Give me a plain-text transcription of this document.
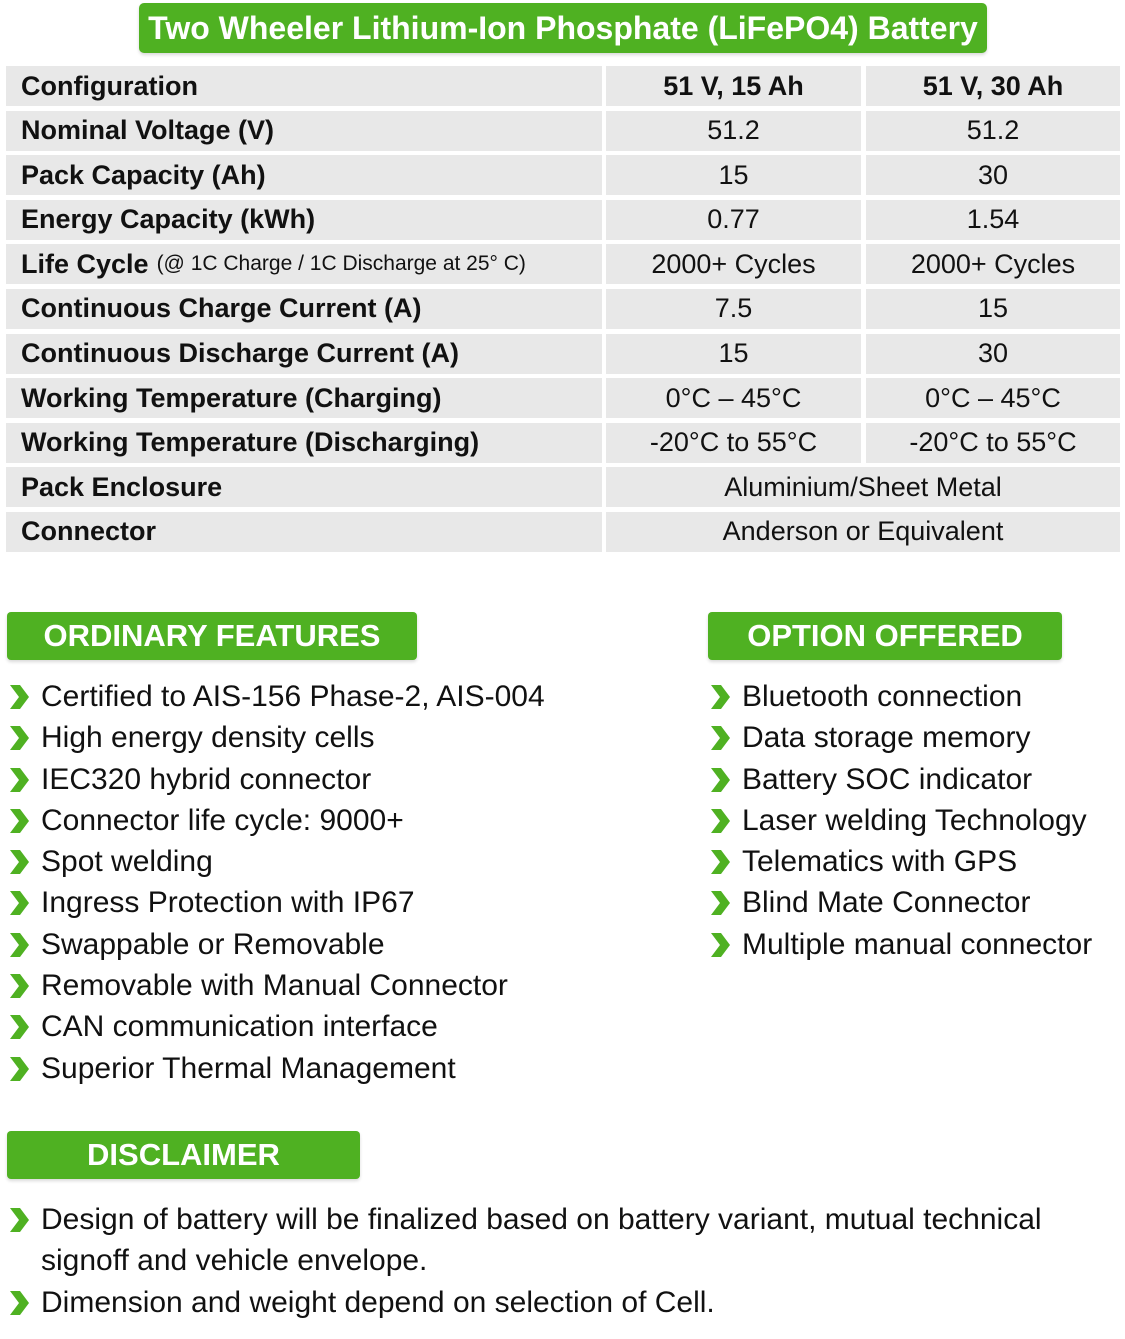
Two Wheeler Lithium-Ion Phosphate (LiFePO4) Battery
Configuration	51 V, 15 Ah	51 V, 30 Ah
Nominal Voltage (V)	51.2	51.2
Pack Capacity (Ah)	15	30
Energy Capacity (kWh)	0.77	1.54
Life Cycle (@ 1C Charge / 1C Discharge at 25° C)	2000+ Cycles	2000+ Cycles
Continuous Charge Current (A)	7.5	15
Continuous Discharge Current (A)	15	30
Working Temperature (Charging)	0°C – 45°C	0°C – 45°C
Working Temperature (Discharging)	-20°C to 55°C	-20°C to 55°C
Pack Enclosure	Aluminium/Sheet Metal
Connector	Anderson or Equivalent
ORDINARY FEATURES
Certified to AIS-156 Phase-2, AIS-004
High energy density cells
IEC320 hybrid connector
Connector life cycle: 9000+
Spot welding
Ingress Protection with IP67
Swappable or Removable
Removable with Manual Connector
CAN communication interface
Superior Thermal Management
OPTION OFFERED
Bluetooth connection
Data storage memory
Battery SOC indicator
Laser welding Technology
Telematics with GPS
Blind Mate Connector
Multiple manual connector
DISCLAIMER
Design of battery will be finalized based on battery variant, mutual technical signoff and vehicle envelope.
Dimension and weight depend on selection of Cell.
